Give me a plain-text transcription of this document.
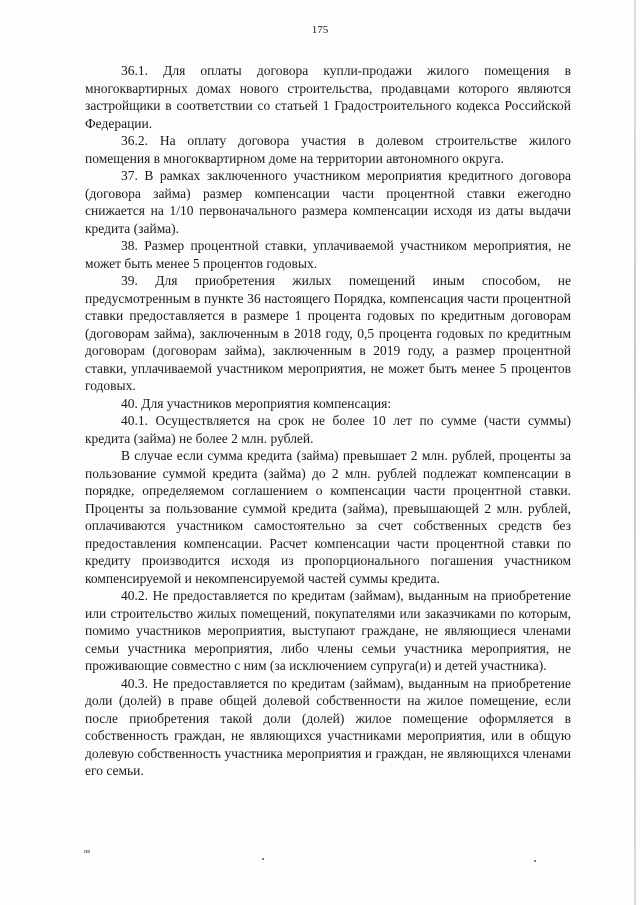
175

36.1. Для оплаты договора купли-продажи жилого помещения в многоквартирных домах нового строительства, продавцами которого являются застройщики в соответствии со статьей 1 Градостроительного кодекса Российской Федерации.

36.2. На оплату договора участия в долевом строительстве жилого помещения в многоквартирном доме на территории автономного округа.

37. В рамках заключенного участником мероприятия кредитного договора (договора займа) размер компенсации части процентной ставки ежегодно снижается на 1/10 первоначального размера компенсации исходя из даты выдачи кредита (займа).

38. Размер процентной ставки, уплачиваемой участником мероприятия, не может быть менее 5 процентов годовых.

39. Для приобретения жилых помещений иным способом, не предусмотренным в пункте 36 настоящего Порядка, компенсация части процентной ставки предоставляется в размере 1 процента годовых по кредитным договорам (договорам займа), заключенным в 2018 году, 0,5 процента годовых по кредитным договорам (договорам займа), заключенным в 2019 году, а размер процентной ставки, уплачиваемой участником мероприятия, не может быть менее 5 процентов годовых.

40. Для участников мероприятия компенсация:

40.1. Осуществляется на срок не более 10 лет по сумме (части суммы) кредита (займа) не более 2 млн. рублей.

В случае если сумма кредита (займа) превышает 2 млн. рублей, проценты за пользование суммой кредита (займа) до 2 млн. рублей подлежат компенсации в порядке, определяемом соглашением о компенсации части процентной ставки. Проценты за пользование суммой кредита (займа), превышающей 2 млн. рублей, оплачиваются участником самостоятельно за счет собственных средств без предоставления компенсации. Расчет компенсации части процентной ставки по кредиту производится исходя из пропорционального погашения участником компенсируемой и некомпенсируемой частей суммы кредита.

40.2. Не предоставляется по кредитам (займам), выданным на приобретение или строительство жилых помещений, покупателями или заказчиками по которым, помимо участников мероприятия, выступают граждане, не являющиеся членами семьи участника мероприятия, либо члены семьи участника мероприятия, не проживающие совместно с ним (за исключением супруга(и) и детей участника).

40.3. Не предоставляется по кредитам (займам), выданным на приобретение доли (долей) в праве общей долевой собственности на жилое помещение, если после приобретения такой доли (долей) жилое помещение оформляется в собственность граждан, не являющихся участниками мероприятия, или в общую долевую собственность участника мероприятия и граждан, не являющихся членами его семьи.

нв
